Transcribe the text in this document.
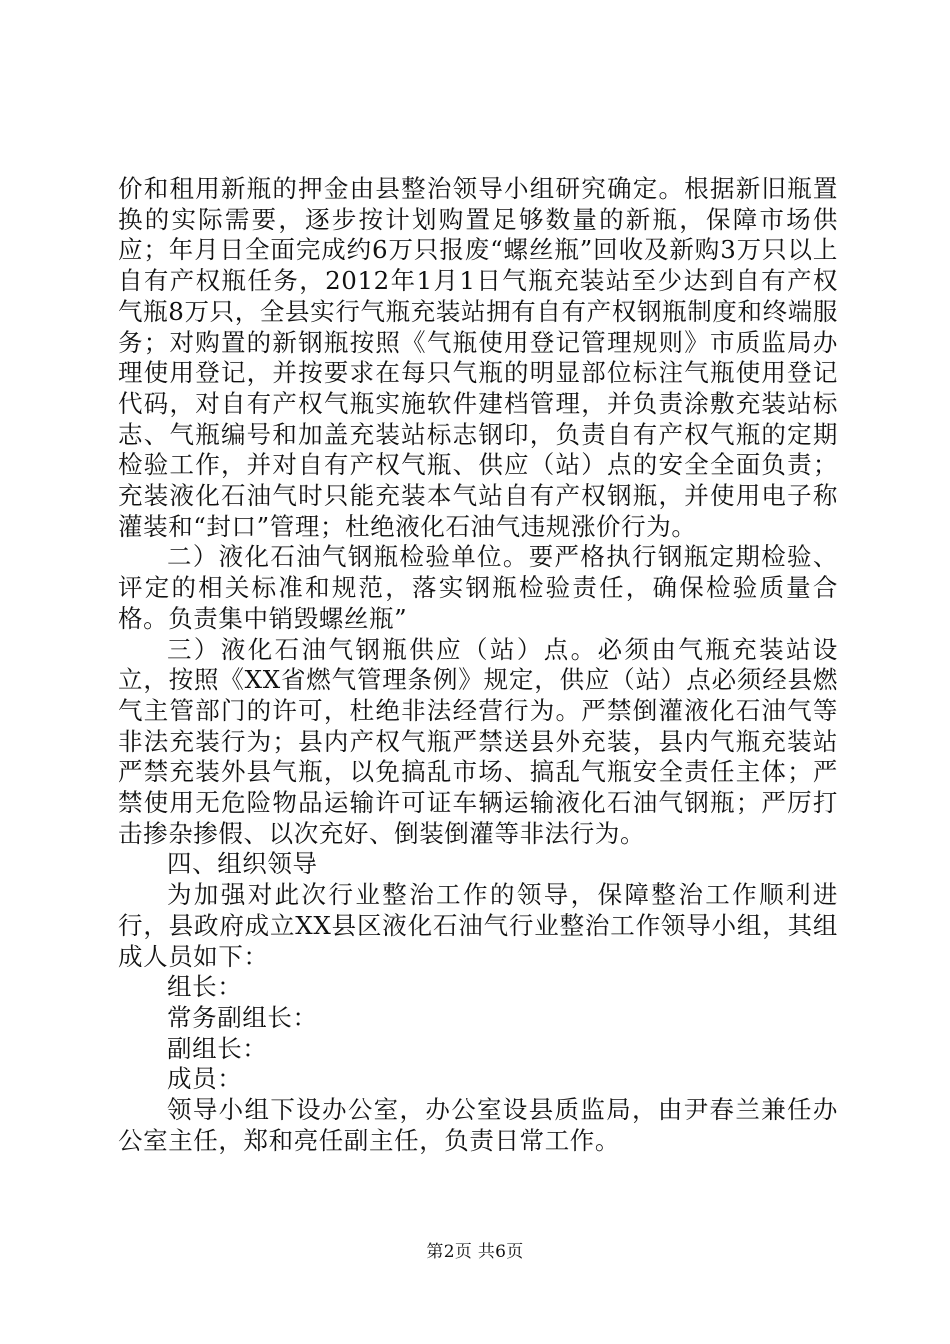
价和租用新瓶的押金由县整治领导小组研究确定。根据新旧瓶置换的实际需要，逐步按计划购置足够数量的新瓶，保障市场供应；年月日全面完成约6万只报废“螺丝瓶”回收及新购3万只以上自有产权瓶任务，2012年1月1日气瓶充装站至少达到自有产权气瓶8万只，全县实行气瓶充装站拥有自有产权钢瓶制度和终端服务；对购置的新钢瓶按照《气瓶使用登记管理规则》市质监局办理使用登记，并按要求在每只气瓶的明显部位标注气瓶使用登记代码，对自有产权气瓶实施软件建档管理，并负责涂敷充装站标志、气瓶编号和加盖充装站标志钢印，负责自有产权气瓶的定期检验工作，并对自有产权气瓶、供应（站）点的安全全面负责；充装液化石油气时只能充装本气站自有产权钢瓶，并使用电子称灌装和“封口”管理；杜绝液化石油气违规涨价行为。

二）液化石油气钢瓶检验单位。要严格执行钢瓶定期检验、评定的相关标准和规范，落实钢瓶检验责任，确保检验质量合格。负责集中销毁螺丝瓶”

三）液化石油气钢瓶供应（站）点。必须由气瓶充装站设立，按照《XX省燃气管理条例》规定，供应（站）点必须经县燃气主管部门的许可，杜绝非法经营行为。严禁倒灌液化石油气等非法充装行为；县内产权气瓶严禁送县外充装，县内气瓶充装站严禁充装外县气瓶，以免搞乱市场、搞乱气瓶安全责任主体；严禁使用无危险物品运输许可证车辆运输液化石油气钢瓶；严厉打击掺杂掺假、以次充好、倒装倒灌等非法行为。

四、组织领导

为加强对此次行业整治工作的领导，保障整治工作顺利进行，县政府成立XX县区液化石油气行业整治工作领导小组，其组成人员如下：

组长：

常务副组长：

副组长：

成员：

领导小组下设办公室，办公室设县质监局，由尹春兰兼任办公室主任，郑和亮任副主任，负责日常工作。

第2页 共6页
